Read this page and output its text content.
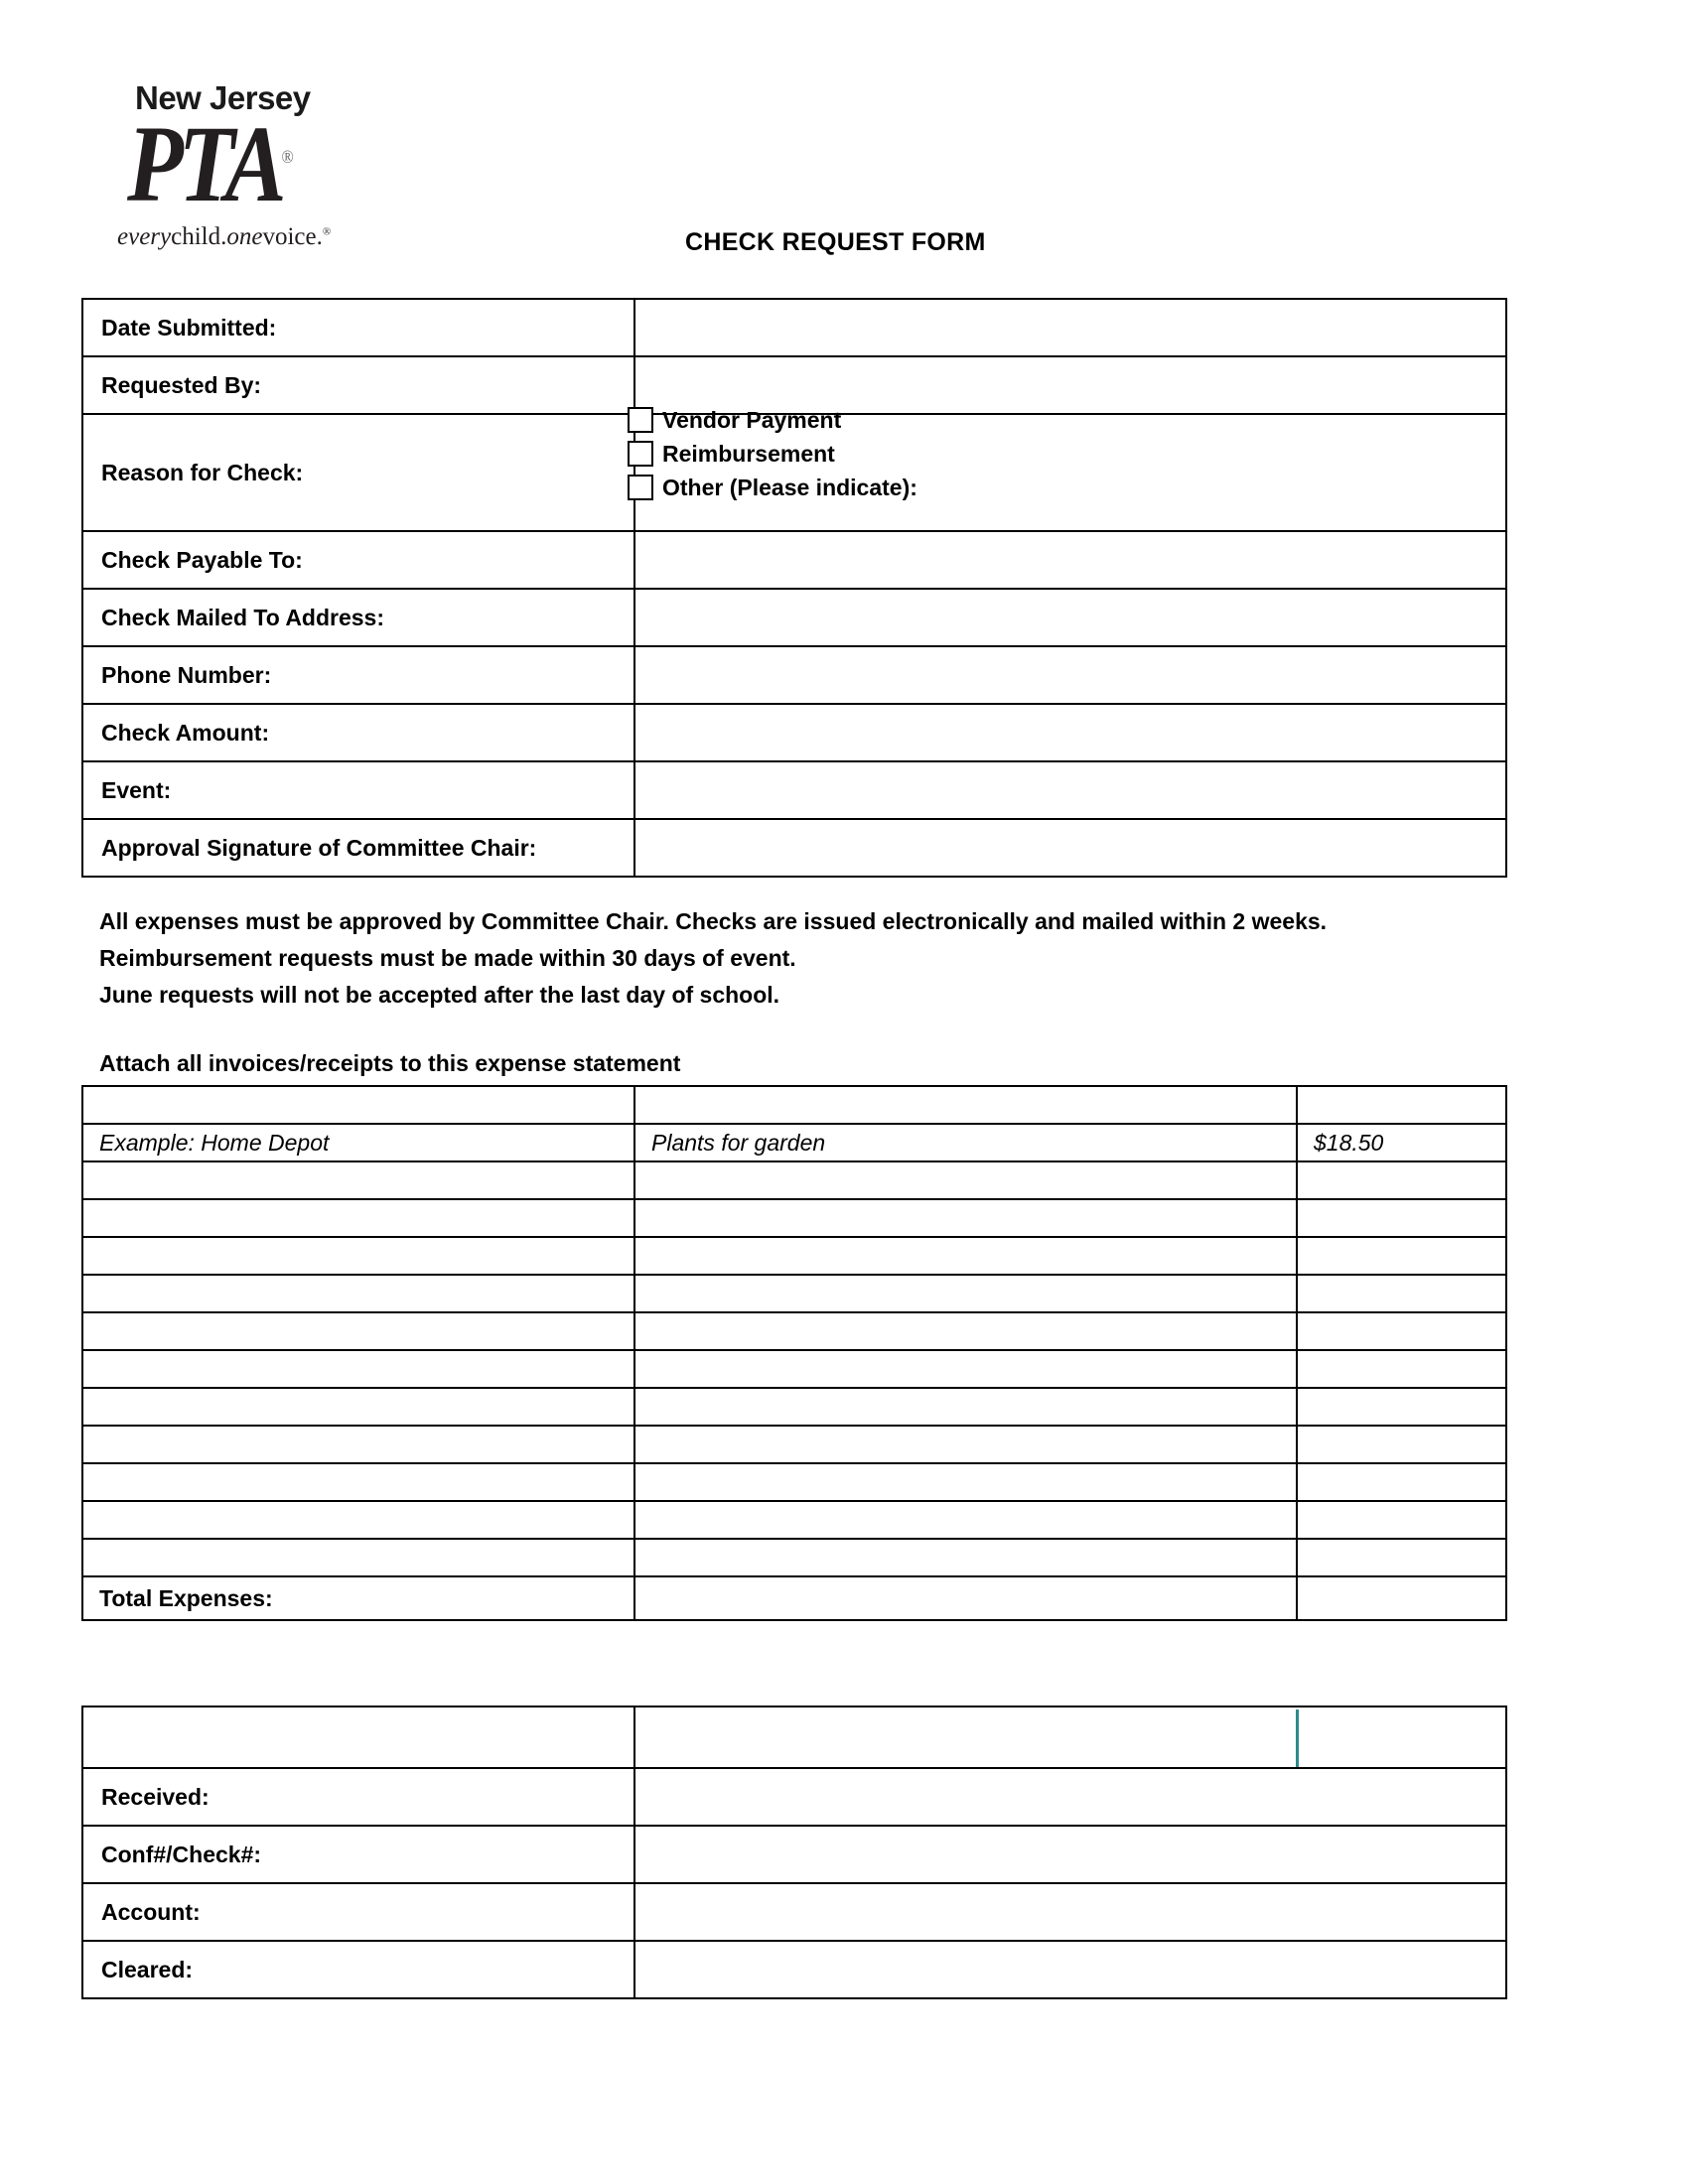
New Jersey
PTA®
everychild.onevoice.®	CHECK REQUEST FORM
Date Submitted:	
Requested By:	
Reason for Check:	Vendor Payment
Reimbursement
Other (Please indicate):

Check Payable To:	
Check Mailed To Address:	
Phone Number:	
Check Amount:	
Event:	
Approval Signature of Committee Chair:	
All expenses must be approved by Committee Chair. Checks are issued electronically and mailed within 2 weeks.
Reimbursement requests must be made within 30 days of event.
June requests will not be accepted after the last day of school.
Attach all invoices/receipts to this expense statement

Example: Home Depot	Plants for garden	$18.50

Total Expenses:		

Received:	
Conf#/Check#:	
Account:	
Cleared:	
